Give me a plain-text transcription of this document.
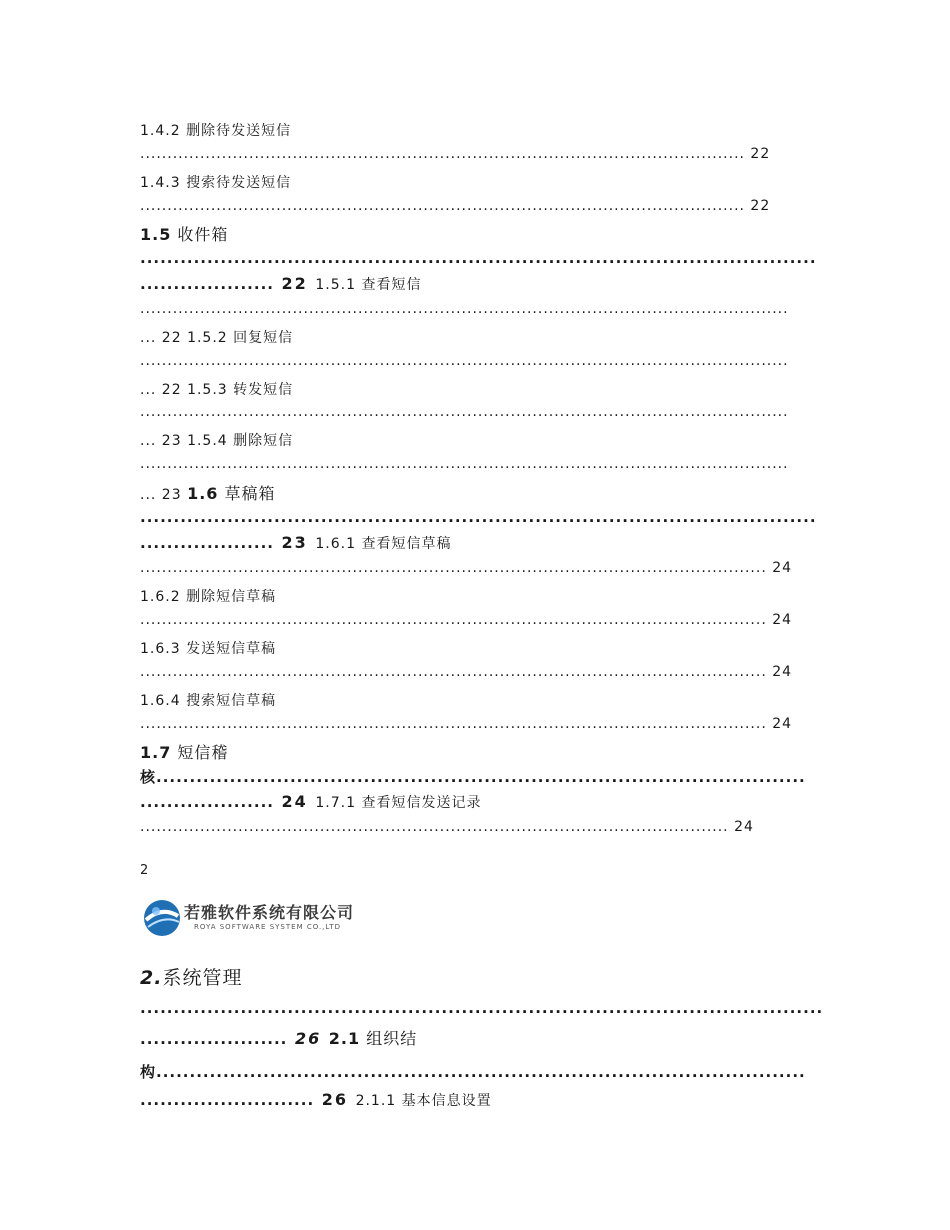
1.4.2 删除待发送短信
............................................................................................................... 22
1.4.3 搜索待发送短信
............................................................................................................... 22
1.5 收件箱
.....................................................................................................
.................... 22 1.5.1 查看短信
.......................................................................................................................
... 22 1.5.2 回复短信
.......................................................................................................................
... 22 1.5.3 转发短信
.......................................................................................................................
... 23 1.5.4 删除短信
.......................................................................................................................
... 23 1.6 草稿箱
.....................................................................................................
.................... 23 1.6.1 查看短信草稿
................................................................................................................... 24
1.6.2 删除短信草稿
................................................................................................................... 24
1.6.3 发送短信草稿
................................................................................................................... 24
1.6.4 搜索短信草稿
................................................................................................................... 24
1.7 短信稽
核.................................................................................................
.................... 24 1.7.1 查看短信发送记录
............................................................................................................ 24
2
若雅软件系统有限公司
ROYA SOFTWARE SYSTEM CO.,LTD
2.系统管理
......................................................................................................
...................... 26 2.1 组织结
构.................................................................................................
.......................... 26 2.1.1 基本信息设置
